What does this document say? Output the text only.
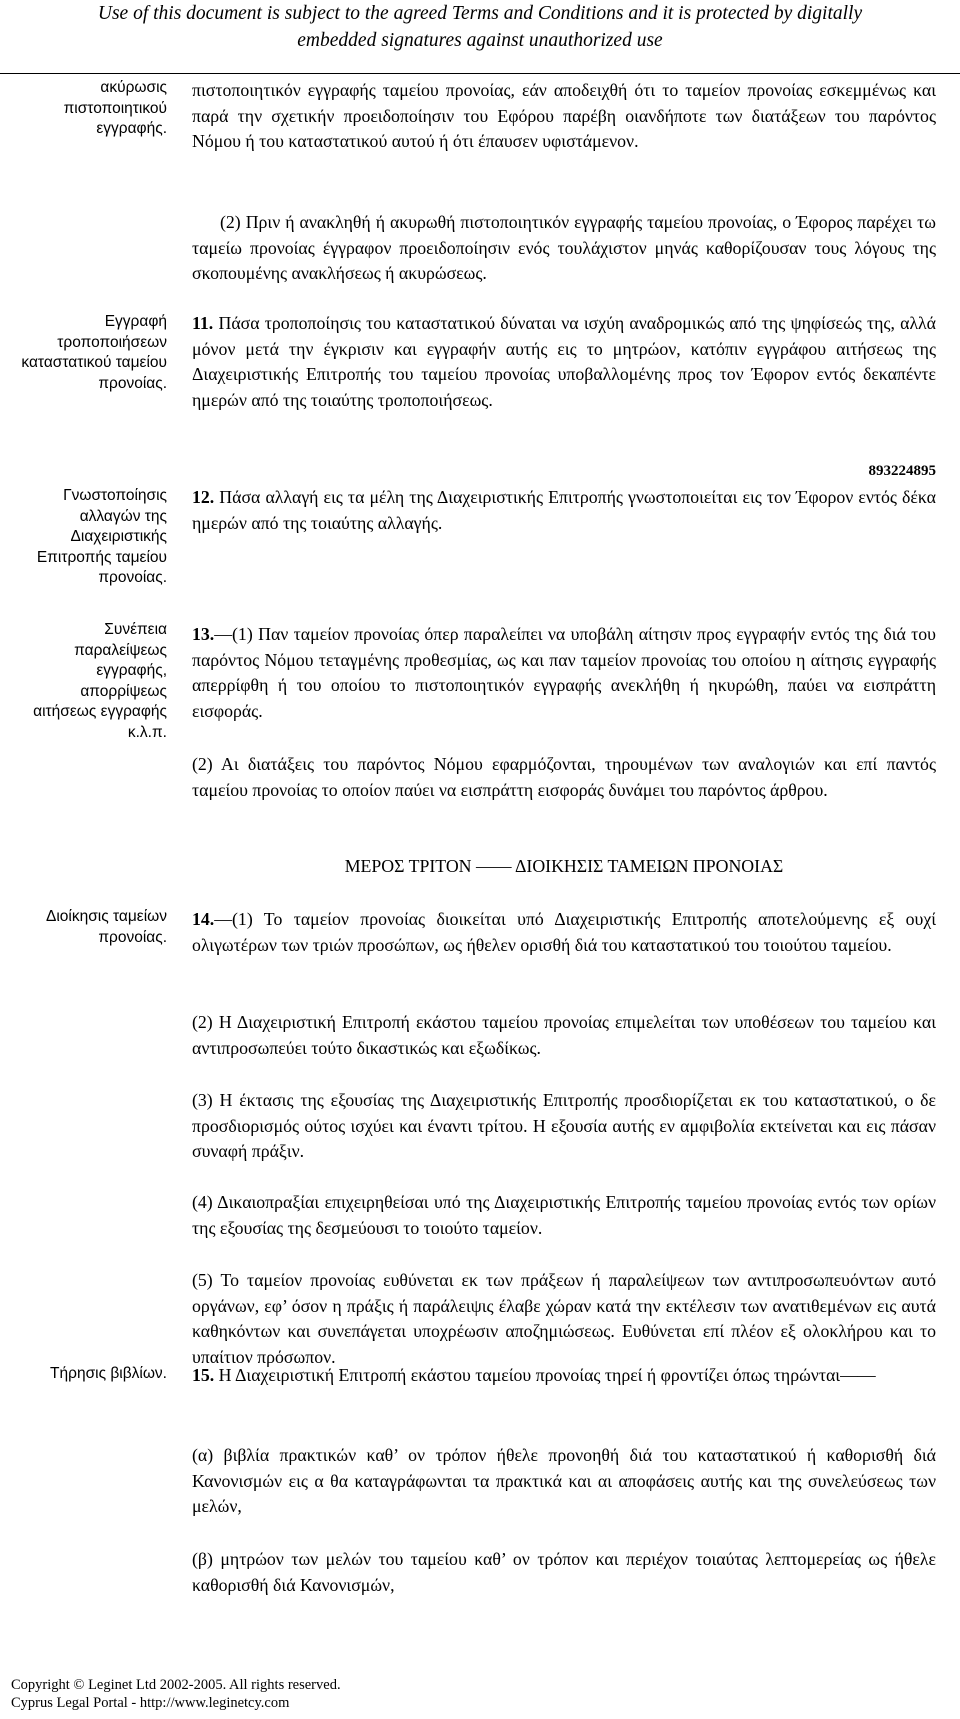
Use of this document is subject to the agreed Terms and Conditions and it is protected by digitally
embedded signatures against unauthorized use
ακύρωσις πιστοποιητικού εγγραφής.
Εγγραφή τροποποιήσεων καταστατικού ταμείου προνοίας.
Γνωστοποίησις αλλαγών της Διαχειριστικής Επιτροπής ταμείου προνοίας.
Συνέπεια παραλείψεως εγγραφής, απορρίψεως αιτήσεως εγγραφής κ.λ.π.
Διοίκησις ταμείων προνοίας.
Τήρησις βιβλίων.
πιστοποιητικόν εγγραφής ταμείου προνοίας, εάν αποδειχθή ότι το ταμείον προνοίας εσκεμμένως και παρά την σχετικήν προειδοποίησιν του Εφόρου παρέβη οιανδήποτε των διατάξεων του παρόντος Νόμου ή του καταστατικού αυτού ή ότι έπαυσεν υφιστάμενον.
(2) Πριν ή ανακληθή ή ακυρωθή πιστοποιητικόν εγγραφής ταμείου προνοίας, ο Έφορος παρέχει τω ταμείω προνοίας έγγραφον προειδοποίησιν ενός τουλάχιστον μηνάς καθορίζουσαν τους λόγους της σκοπουμένης ανακλήσεως ή ακυρώσεως.
11. Πάσα τροποποίησις του καταστατικού δύναται να ισχύη αναδρομικώς από της ψηφίσεώς της, αλλά μόνον μετά την έγκρισιν και εγγραφήν αυτής εις το μητρώον, κατόπιν εγγράφου αιτήσεως της Διαχειριστικής Επιτροπής του ταμείου προνοίας υποβαλλομένης προς τον Έφορον εντός δεκαπέντε ημερών από της τοιαύτης τροποποιήσεως.
893224895
12. Πάσα αλλαγή εις τα μέλη της Διαχειριστικής Επιτροπής γνωστοποιείται εις τον Έφορον εντός δέκα ημερών από της τοιαύτης αλλαγής.
13.—(1) Παν ταμείον προνοίας όπερ παραλείπει να υποβάλη αίτησιν προς εγγραφήν εντός της διά του παρόντος Νόμου τεταγμένης προθεσμίας, ως και παν ταμείον προνοίας του οποίου η αίτησις εγγραφής απερρίφθη ή του οποίου το πιστοποιητικόν εγγραφής ανεκλήθη ή ηκυρώθη, παύει να εισπράττη εισφοράς.
(2) Αι διατάξεις του παρόντος Νόμου εφαρμόζονται, τηρουμένων των αναλογιών και επί παντός ταμείου προνοίας το οποίον παύει να εισπράττη εισφοράς δυνάμει του παρόντος άρθρου.
ΜΕΡΟΣ ΤΡΙΤΟΝ —— ΔΙΟΙΚΗΣΙΣ ΤΑΜΕΙΩΝ ΠΡΟΝΟΙΑΣ
14.—(1) Το ταμείον προνοίας διοικείται υπό Διαχειριστικής Επιτροπής αποτελούμενης εξ ουχί ολιγωτέρων των τριών προσώπων, ως ήθελεν ορισθή διά του καταστατικού του τοιούτου ταμείου.
(2) Η Διαχειριστική Επιτροπή εκάστου ταμείου προνοίας επιμελείται των υποθέσεων του ταμείου και αντιπροσωπεύει τούτο δικαστικώς και εξωδίκως.
(3) Η έκτασις της εξουσίας της Διαχειριστικής Επιτροπής προσδιορίζεται εκ του καταστατικού, ο δε προσδιορισμός ούτος ισχύει και έναντι τρίτου. Η εξουσία αυτής εν αμφιβολία εκτείνεται και εις πάσαν συναφή πράξιν.
(4) Δικαιοπραξίαι επιχειρηθείσαι υπό της Διαχειριστικής Επιτροπής ταμείου προνοίας εντός των ορίων της εξουσίας της δεσμεύουσι το τοιούτο ταμείον.
(5) Το ταμείον προνοίας ευθύνεται εκ των πράξεων ή παραλείψεων των αντιπροσωπευόντων αυτό οργάνων, εφ’ όσον η πράξις ή παράλειψις έλαβε χώραν κατά την εκτέλεσιν των ανατιθεμένων εις αυτά καθηκόντων και συνεπάγεται υποχρέωσιν αποζημιώσεως. Ευθύνεται επί πλέον εξ ολοκλήρου και το υπαίτιον πρόσωπον.
15. Η Διαχειριστική Επιτροπή εκάστου ταμείου προνοίας τηρεί ή φροντίζει όπως τηρώνται——
(α) βιβλία πρακτικών καθ’ ον τρόπον ήθελε προνοηθή διά του καταστατικού ή καθορισθή διά Κανονισμών εις α θα καταγράφωνται τα πρακτικά και αι αποφάσεις αυτής και της συνελεύσεως των μελών,
(β) μητρώον των μελών του ταμείου καθ’ ον τρόπον και περιέχον τοιαύτας λεπτομερείας ως ήθελε καθορισθή διά Κανονισμών,
Copyright © Leginet Ltd 2002-2005. All rights reserved.
Cyprus Legal Portal - http://www.leginetcy.com
